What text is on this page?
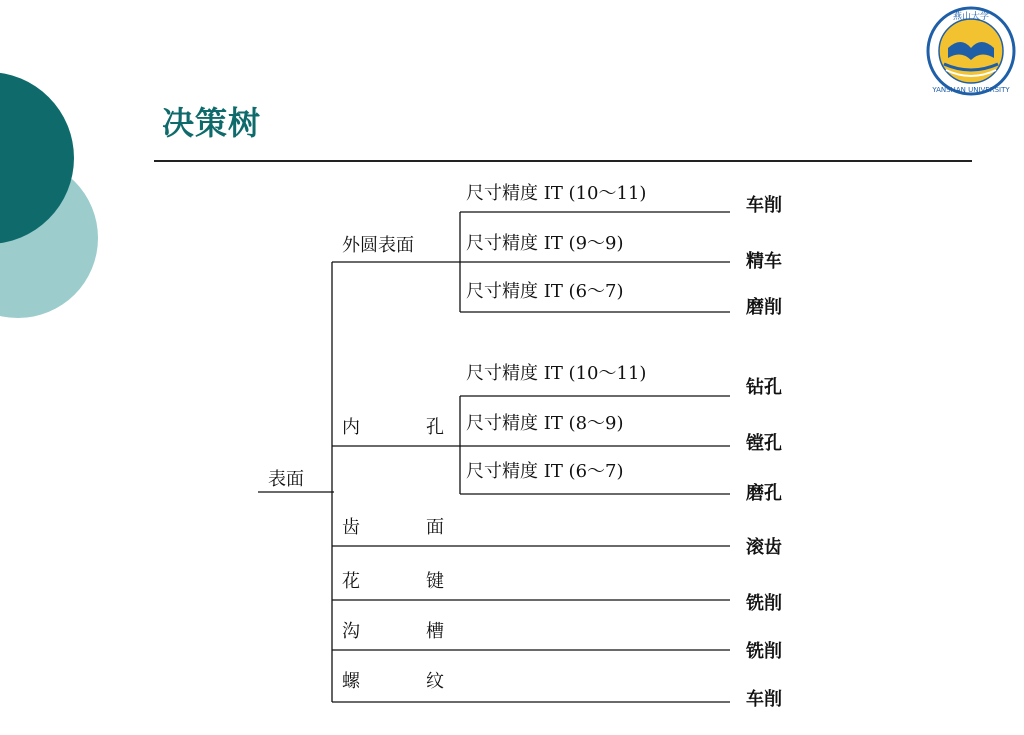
燕山大学
YANSHAN UNIVERSITY
决策树
表面
外圆表面
尺寸精度 IT (10～11)
尺寸精度 IT (9～9)
尺寸精度 IT (6～7)
车削
精车
磨削
内	孔
尺寸精度 IT (10～11)
尺寸精度 IT (8～9)
尺寸精度 IT (6～7)
钻孔
镗孔
磨孔
齿	面
滚齿
花	键
铣削
沟	槽
铣削
螺	纹
车削
